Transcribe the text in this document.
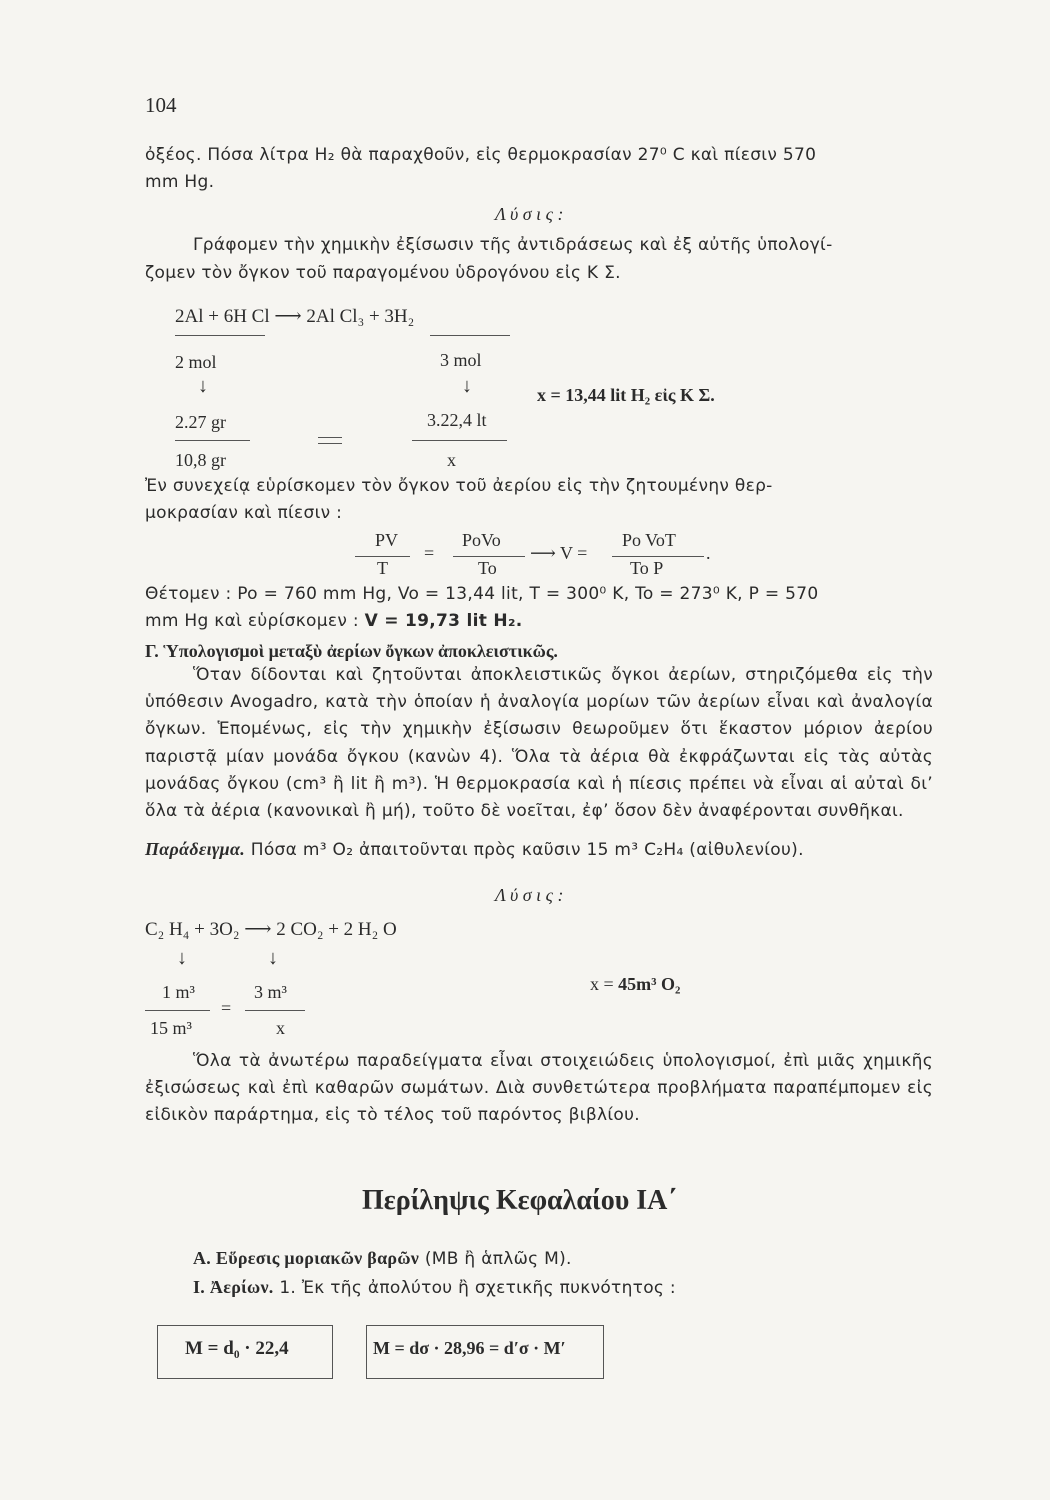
104
ὀξέος. Πόσα λίτρα H₂ θὰ παραχθοῦν, εἰς θερμοκρασίαν 27⁰ C καὶ πίεσιν 570
mm Hg.
Λ ύ σ ι ς :
Γράφομεν τὴν χημικὴν ἐξίσωσιν τῆς ἀντιδράσεως καὶ ἐξ αὐτῆς ὑπολογί-
ζομεν τὸν ὄγκον τοῦ παραγομένου ὑδρογόνου εἰς Κ Σ.
2Al + 6H Cl ⟶ 2Al Cl₃ + 3H₂
2 mol	3 mol
↓	↓	x = 13,44 lit H₂ εἰς Κ Σ.
2.27 gr	3.22,4 lt
10,8 gr	x
Ἐν συνεχείᾳ εὑρίσκομεν τὸν ὄγκον τοῦ ἀερίου εἰς τὴν ζητουμένην θερ-
μοκρασίαν καὶ πίεσιν :
PV
T
=
PoVo
To
⟶ V =
Po VoT
To P
.
Θέτομεν : Po = 760 mm Hg, Vo = 13,44 lit, T = 300⁰ K, To = 273⁰ K, P = 570
mm Hg καὶ εὑρίσκομεν : V = 19,73 lit H₂.
Γ. Ὑπολογισμοὶ μεταξὺ ἀερίων ὄγκων ἀποκλειστικῶς.
Ὅταν δίδονται καὶ ζητοῦνται ἀποκλειστικῶς ὄγκοι ἀερίων, στηριζόμεθα εἰς τὴν ὑπόθεσιν Avogadro, κατὰ τὴν ὁποίαν ἡ ἀναλογία μορίων τῶν ἀερίων εἶναι καὶ ἀναλογία ὄγκων. Ἑπομένως, εἰς τὴν χημικὴν ἐξίσωσιν θεωροῦμεν ὅτι ἕκαστον μόριον ἀερίου παριστᾷ μίαν μονάδα ὄγκου (κανὼν 4). Ὅλα τὰ ἀέρια θὰ ἐκφράζωνται εἰς τὰς αὐτὰς μονάδας ὄγκου (cm³ ἢ lit ἢ m³). Ἡ θερμοκρασία καὶ ἡ πίεσις πρέπει νὰ εἶναι αἱ αὐταὶ δι’ ὅλα τὰ ἀέρια (κανονικαὶ ἢ μή), τοῦτο δὲ νοεῖται, ἐφ’ ὅσον δὲν ἀναφέρονται συνθῆκαι.
Παράδειγμα. Πόσα m³ O₂ ἀπαιτοῦνται πρὸς καῦσιν 15 m³ C₂H₄ (αἰθυλενίου).
Λ ύ σ ι ς :
C₂ H₄ + 3O₂ ⟶ 2 CO₂ + 2 H₂ O
↓	↓
1 m³	3 m³
=
15 m³	x
x = 45m³ O₂
Ὅλα τὰ ἀνωτέρω παραδείγματα εἶναι στοιχειώδεις ὑπολογισμοί, ἐπὶ μιᾶς χημικῆς ἐξισώσεως καὶ ἐπὶ καθαρῶν σωμάτων. Διὰ συνθετώτερα προβλήματα παραπέμπομεν εἰς εἰδικὸν παράρτημα, εἰς τὸ τέλος τοῦ παρόντος βιβλίου.
Περίληψις Κεφαλαίου ΙΑ΄
Α. Εὕρεσις μοριακῶν βαρῶν (ΜΒ ἢ ἁπλῶς Μ).
Ι. Ἀερίων. 1. Ἐκ τῆς ἀπολύτου ἢ σχετικῆς πυκνότητος :
M = d₀ · 22,4	M = dσ · 28,96 = d′σ · M′
